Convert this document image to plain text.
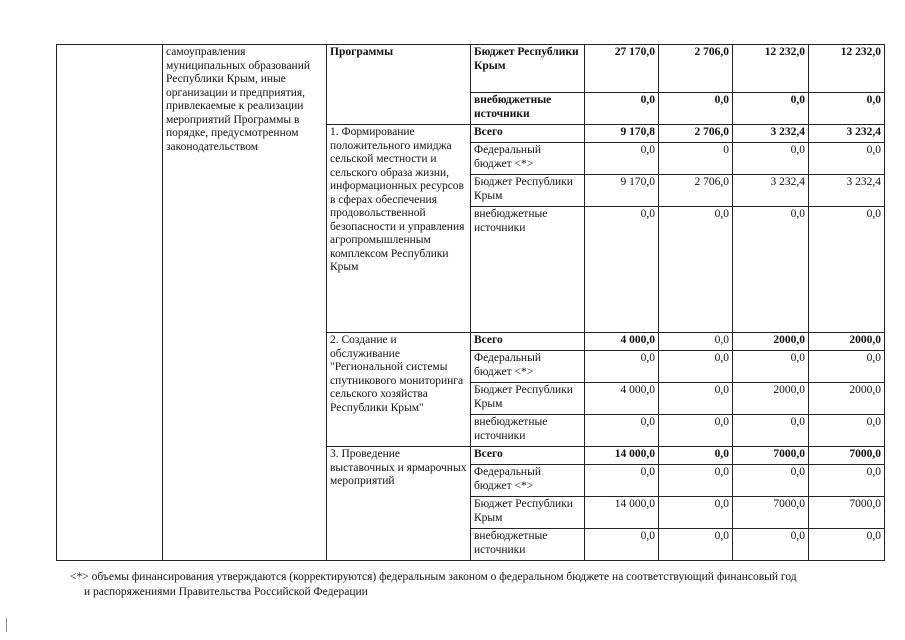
	самоуправления муниципальных образований Республики Крым, иные организации и предприятия, привлекаемые к реализации мероприятий Программы в порядке, предусмотренном законодательством	Программы	Бюджет Республики Крым	27 170,0	2 706,0	12 232,0	12 232,0
			внебюджетные источники	0,0	0,0	0,0	0,0
		1. Формирование положительного имиджа сельской местности и сельского образа жизни, информационных ресурсов в сферах обеспечения продовольственной безопасности и управления агропромышленным комплексом Республики Крым	Всего	9 170,8	2 706,0	3 232,4	3 232,4
			Федеральный бюджет <*>	0,0	0	0,0	0,0
			Бюджет Республики Крым	9 170,0	2 706,0	3 232,4	3 232,4
			внебюджетные источники	0,0	0,0	0,0	0,0
		2. Создание и обслуживание "Региональной системы спутникового мониторинга сельского хозяйства Республики Крым"	Всего	4 000,0	0,0	2000,0	2000,0
			Федеральный бюджет <*>	0,0	0,0	0,0	0,0
			Бюджет Республики Крым	4 000,0	0,0	2000,0	2000,0
			внебюджетные источники	0,0	0,0	0,0	0,0
		3. Проведение выставочных и ярмарочных мероприятий	Всего	14 000,0	0,0	7000,0	7000,0
			Федеральный бюджет <*>	0,0	0,0	0,0	0,0
			Бюджет Республики Крым	14 000,0	0,0	7000,0	7000,0
			внебюджетные источники	0,0	0,0	0,0	0,0

<*> объемы финансирования утверждаются (корректируются) федеральным законом о федеральном бюджете на соответствующий финансовый год
и распоряжениями Правительства Российской Федерации
